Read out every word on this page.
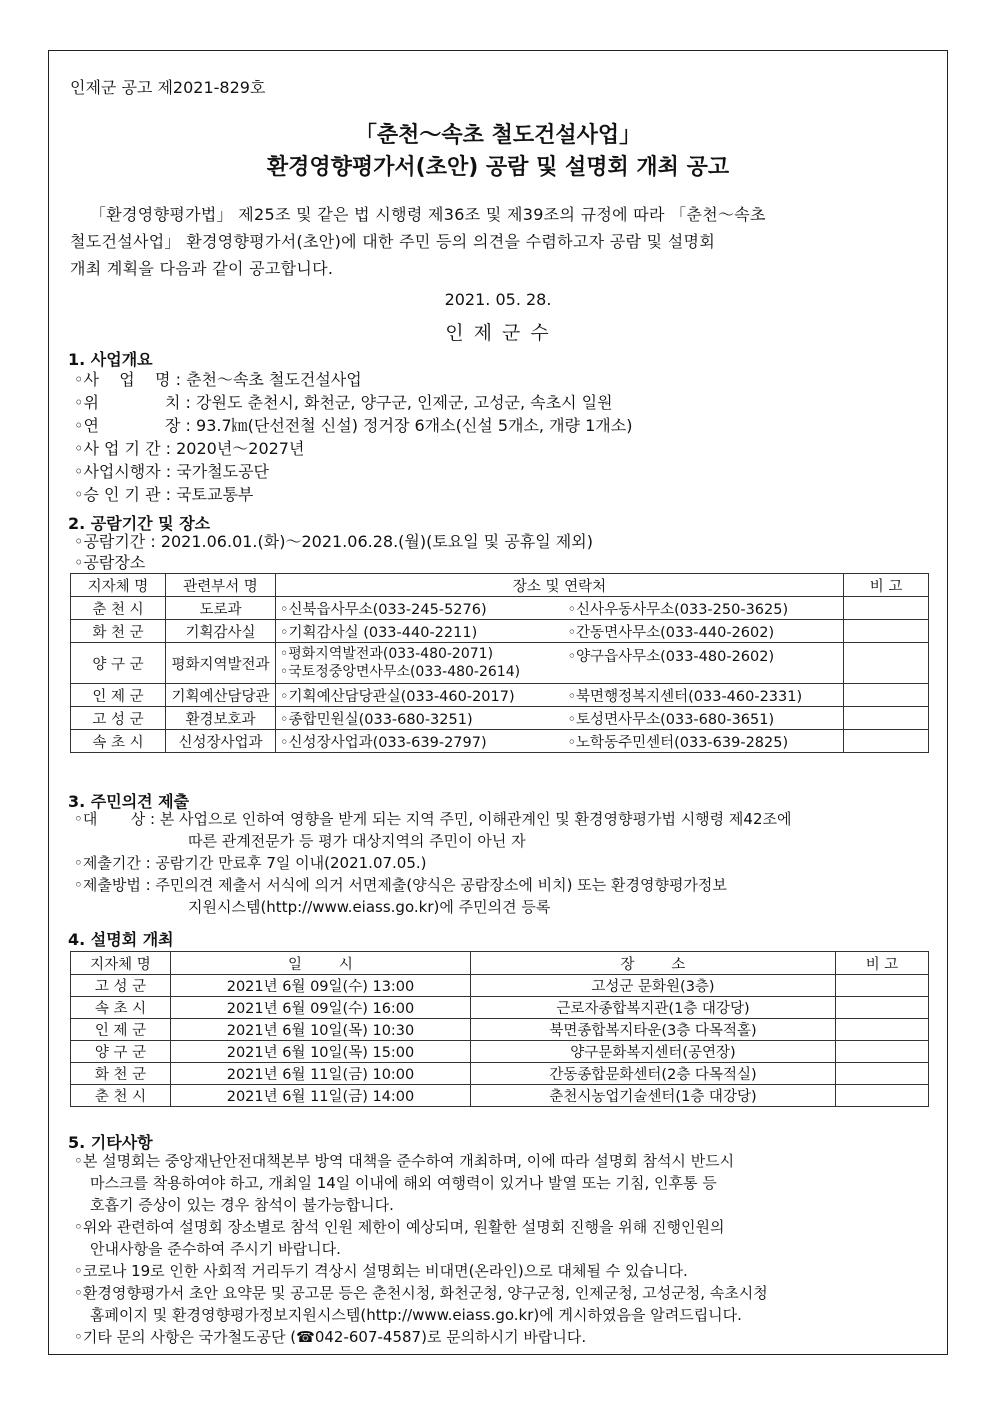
인제군 공고 제2021-829호
「춘천～속초 철도건설사업」
환경영향평가서(초안) 공람 및 설명회 개최 공고
「환경영향평가법」 제25조 및 같은 법 시행령 제36조 및 제39조의 규정에 따라 「춘천～속초
철도건설사업」 환경영향평가서(초안)에 대한 주민 등의 의견을 수렴하고자 공람 및 설명회
개최 계획을 다음과 같이 공고합니다.
2021. 05. 28.
인 제 군 수
1. 사업개요
◦사    업    명 : 춘천～속초 철도건설사업
◦위             치 : 강원도 춘천시, 화천군, 양구군, 인제군, 고성군, 속초시 일원
◦연             장 : 93.7㎞(단선전철 신설) 정거장 6개소(신설 5개소, 개량 1개소)
◦사 업 기 간 : 2020년～2027년
◦사업시행자 : 국가철도공단
◦승 인 기 관 : 국토교통부
2. 공람기간 및 장소
◦공람기간 : 2021.06.01.(화)～2021.06.28.(월)(토요일 및 공휴일 제외)
◦공람장소
지자체 명	관련부서 명	장소 및 연락처		비 고
춘 천 시	도로과	◦신북읍사무소(033-245-5276)	◦신사우동사무소(033-250-3625)	
화 천 군	기획감사실	◦기획감사실 (033-440-2211)	◦간동면사무소(033-440-2602)	
양 구 군	평화지역발전과	◦평화지역발전과(033-480-2071)
◦국토정중앙면사무소(033-480-2614)	◦양구읍사무소(033-480-2602)	
인 제 군	기획예산담당관	◦기획예산담당관실(033-460-2017)	◦북면행정복지센터(033-460-2331)	
고 성 군	환경보호과	◦종합민원실(033-680-3251)	◦토성면사무소(033-680-3651)	
속 초 시	신성장사업과	◦신성장사업과(033-639-2797)	◦노학동주민센터(033-639-2825)	
3. 주민의견 제출
◦대       상 : 본 사업으로 인하여 영향을 받게 되는 지역 주민, 이해관계인 및 환경영향평가법 시행령 제42조에
따른 관계전문가 등 평가 대상지역의 주민이 아닌 자
◦제출기간 : 공람기간 만료후 7일 이내(2021.07.05.)
◦제출방법 : 주민의견 제출서 서식에 의거 서면제출(양식은 공람장소에 비치) 또는 환경영향평가정보
지원시스템(http://www.eiass.go.kr)에 주민의견 등록
4. 설명회 개최
지자체 명	일        시	장        소	비 고
고 성 군	2021년 6월 09일(수) 13:00	고성군 문화원(3층)	
속 초 시	2021년 6월 09일(수) 16:00	근로자종합복지관(1층 대강당)	
인 제 군	2021년 6월 10일(목) 10:30	북면종합복지타운(3층 다목적홀)	
양 구 군	2021년 6월 10일(목) 15:00	양구문화복지센터(공연장)	
화 천 군	2021년 6월 11일(금) 10:00	간동종합문화센터(2층 다목적실)	
춘 천 시	2021년 6월 11일(금) 14:00	춘천시농업기술센터(1층 대강당)	
5. 기타사항
◦본 설명회는 중앙재난안전대책본부 방역 대책을 준수하여 개최하며, 이에 따라 설명회 참석시 반드시
마스크를 착용하여야 하고, 개최일 14일 이내에 해외 여행력이 있거나 발열 또는 기침, 인후통 등
호흡기 증상이 있는 경우 참석이 불가능합니다.
◦위와 관련하여 설명회 장소별로 참석 인원 제한이 예상되며, 원활한 설명회 진행을 위해 진행인원의
안내사항을 준수하여 주시기 바랍니다.
◦코로나 19로 인한 사회적 거리두기 격상시 설명회는 비대면(온라인)으로 대체될 수 있습니다.
◦환경영향평가서 초안 요약문 및 공고문 등은 춘천시청, 화천군청, 양구군청, 인제군청, 고성군청, 속초시청
홈페이지 및 환경영향평가정보지원시스템(http://www.eiass.go.kr)에 게시하였음을 알려드립니다.
◦기타 문의 사항은 국가철도공단 (☎042-607-4587)로 문의하시기 바랍니다.
